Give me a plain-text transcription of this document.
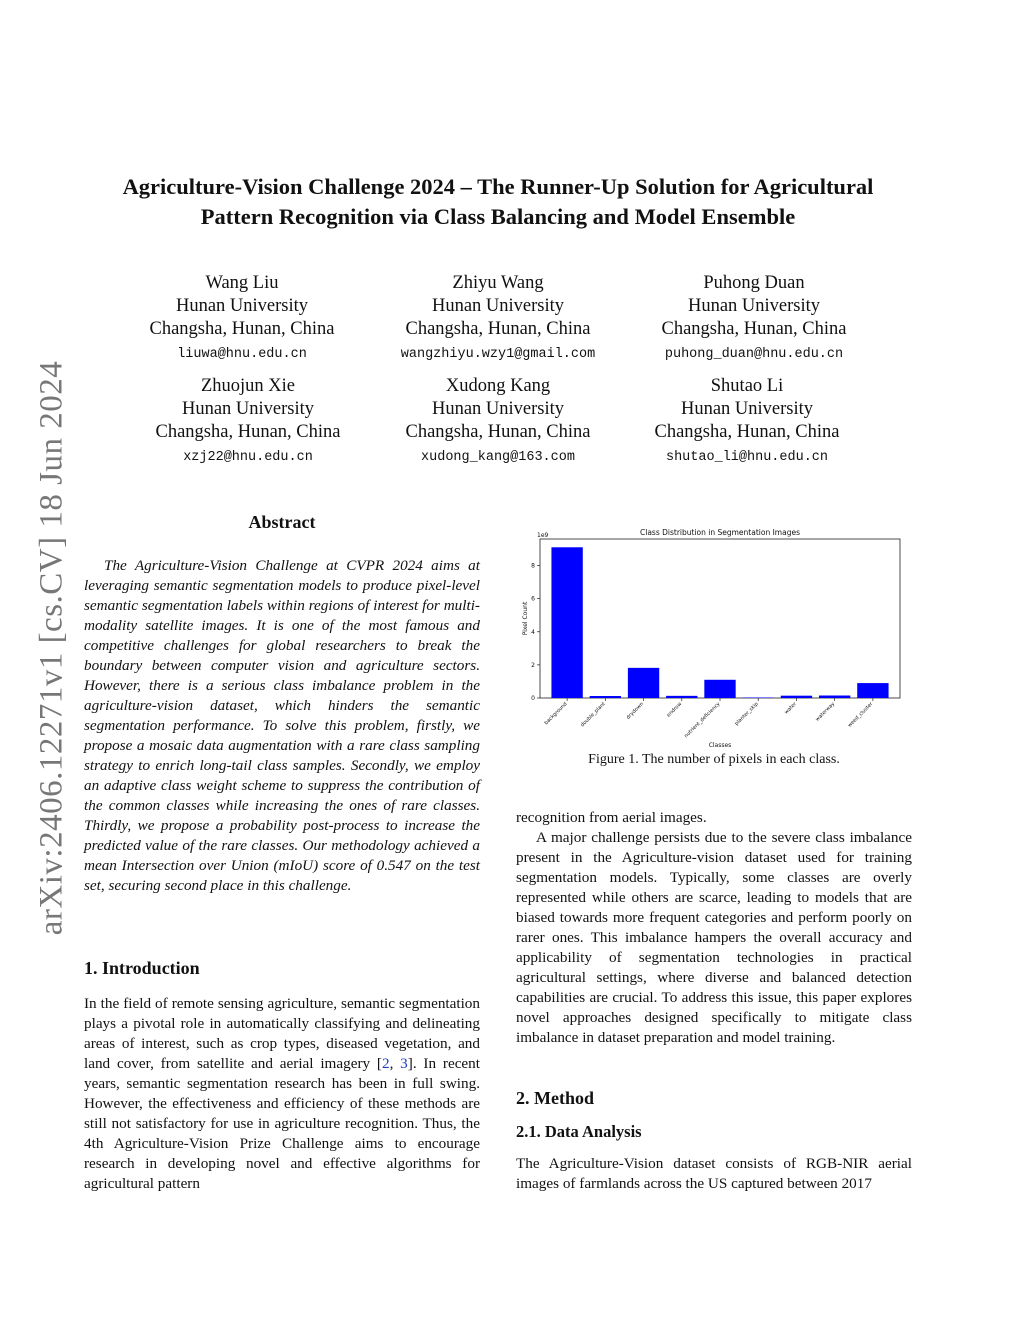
arXiv:2406.12271v1 [cs.CV] 18 Jun 2024
Agriculture-Vision Challenge 2024 – The Runner-Up Solution for Agricultural
Pattern Recognition via Class Balancing and Model Ensemble
Wang Liu
Hunan University
Changsha, Hunan, China
liuwa@hnu.edu.cn
Zhiyu Wang
Hunan University
Changsha, Hunan, China
wangzhiyu.wzy1@gmail.com
Puhong Duan
Hunan University
Changsha, Hunan, China
puhong_duan@hnu.edu.cn
Zhuojun Xie
Hunan University
Changsha, Hunan, China
xzj22@hnu.edu.cn
Xudong Kang
Hunan University
Changsha, Hunan, China
xudong_kang@163.com
Shutao Li
Hunan University
Changsha, Hunan, China
shutao_li@hnu.edu.cn
Abstract
The Agriculture-Vision Challenge at CVPR 2024 aims at leveraging semantic segmentation models to produce pixel-level semantic segmentation labels within regions of interest for multi-modality satellite images. It is one of the most famous and competitive challenges for global researchers to break the boundary between computer vision and agriculture sectors. However, there is a serious class imbalance problem in the agriculture-vision dataset, which hinders the semantic segmentation performance. To solve this problem, firstly, we propose a mosaic data augmentation with a rare class sampling strategy to enrich long-tail class samples. Secondly, we employ an adaptive class weight scheme to suppress the contribution of the common classes while increasing the ones of rare classes. Thirdly, we propose a probability post-process to increase the predicted value of the rare classes. Our methodology achieved a mean Intersection over Union (mIoU) score of 0.547 on the test set, securing second place in this challenge.
1. Introduction
In the field of remote sensing agriculture, semantic segmentation plays a pivotal role in automatically classifying and delineating areas of interest, such as crop types, diseased vegetation, and land cover, from satellite and aerial imagery [2, 3]. In recent years, semantic segmentation research has been in full swing. However, the effectiveness and efficiency of these methods are still not satisfactory for use in agriculture recognition. Thus, the 4th Agriculture-Vision Prize Challenge aims to encourage research in developing novel and effective algorithms for agricultural pattern
Class Distribution in Segmentation Images
1e9
0
2
4
6
8
background double_plant	drydown	endrow nutrient_deficiency planter_skip	water	waterway weed_cluster
Classes
Pixel Count
Figure 1. The number of pixels in each class.
recognition from aerial images.
A major challenge persists due to the severe class imbalance present in the Agriculture-vision dataset used for training segmentation models. Typically, some classes are overly represented while others are scarce, leading to models that are biased towards more frequent categories and perform poorly on rarer ones. This imbalance hampers the overall accuracy and applicability of segmentation technologies in practical agricultural settings, where diverse and balanced detection capabilities are crucial. To address this issue, this paper explores novel approaches designed specifically to mitigate class imbalance in dataset preparation and model training.
2. Method
2.1. Data Analysis
The Agriculture-Vision dataset consists of RGB-NIR aerial images of farmlands across the US captured between 2017
